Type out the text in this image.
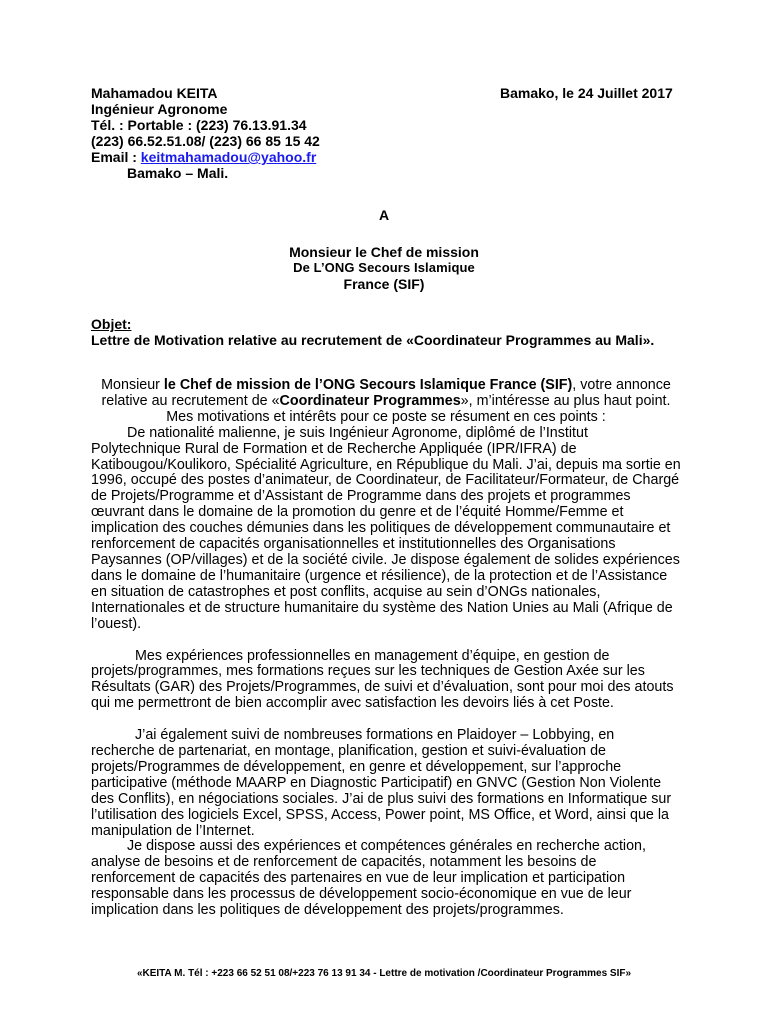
Mahamadou KEITA
Ingénieur Agronome
Tél. : Portable : (223) 76.13.91.34
(223) 66.52.51.08/ (223) 66 85 15 42
Email : keitmahamadou@yahoo.fr
Bamako – Mali.
Bamako, le 24 Juillet 2017
A
Monsieur le Chef de mission
De L’ONG Secours Islamique
France (SIF)
Objet:
Lettre de Motivation relative au recrutement de «Coordinateur Programmes au Mali».

Monsieur le Chef de mission de l’ONG Secours Islamique France (SIF), votre annonce relative au recrutement de «Coordinateur Programmes», m’intéresse au plus haut point.

Mes motivations et intérêts pour ce poste se résument en ces points :

De nationalité malienne, je suis Ingénieur Agronome, diplômé de l’Institut Polytechnique Rural de Formation et de Recherche Appliquée (IPR/IFRA) de Katibougou/Koulikoro, Spécialité Agriculture, en République du Mali. J’ai, depuis ma sortie en 1996, occupé des postes d’animateur, de Coordinateur, de Facilitateur/Formateur, de Chargé de Projets/Programme et d’Assistant de Programme dans des projets et programmes œuvrant dans le domaine de la promotion du genre et de l’équité Homme/Femme et implication des couches démunies dans les politiques de développement communautaire et renforcement de capacités organisationnelles et institutionnelles des Organisations Paysannes (OP/villages) et de la société civile. Je dispose également de solides expériences dans le domaine de l’humanitaire (urgence et résilience), de la protection et de l’Assistance en situation de catastrophes et post conflits, acquise au sein d’ONGs nationales, Internationales et de structure humanitaire du système des Nation Unies au Mali (Afrique de l’ouest).

Mes expériences professionnelles en management d’équipe, en gestion de projets/programmes, mes formations reçues sur les techniques de Gestion Axée sur les Résultats (GAR) des Projets/Programmes, de suivi et d’évaluation, sont pour moi des atouts qui me permettront de bien accomplir avec satisfaction les devoirs liés à cet Poste.

J’ai également suivi de nombreuses formations en Plaidoyer – Lobbying, en recherche de partenariat, en montage, planification, gestion et suivi-évaluation de projets/Programmes de développement, en genre et développement, sur l’approche participative (méthode MAARP en Diagnostic Participatif) en GNVC (Gestion Non Violente des Conflits), en négociations sociales. J’ai de plus suivi des formations en Informatique sur l’utilisation des logiciels Excel, SPSS, Access, Power point, MS Office, et Word, ainsi que la manipulation de l’Internet.

Je dispose aussi des expériences et compétences générales en recherche action, analyse de besoins et de renforcement de capacités, notamment les besoins de renforcement de capacités des partenaires en vue de leur implication et participation responsable dans les processus de développement socio-économique en vue de leur implication dans les politiques de développement des projets/programmes.

«KEITA M. Tél : +223 66 52 51 08/+223 76 13 91 34 - Lettre de motivation /Coordinateur Programmes SIF»
